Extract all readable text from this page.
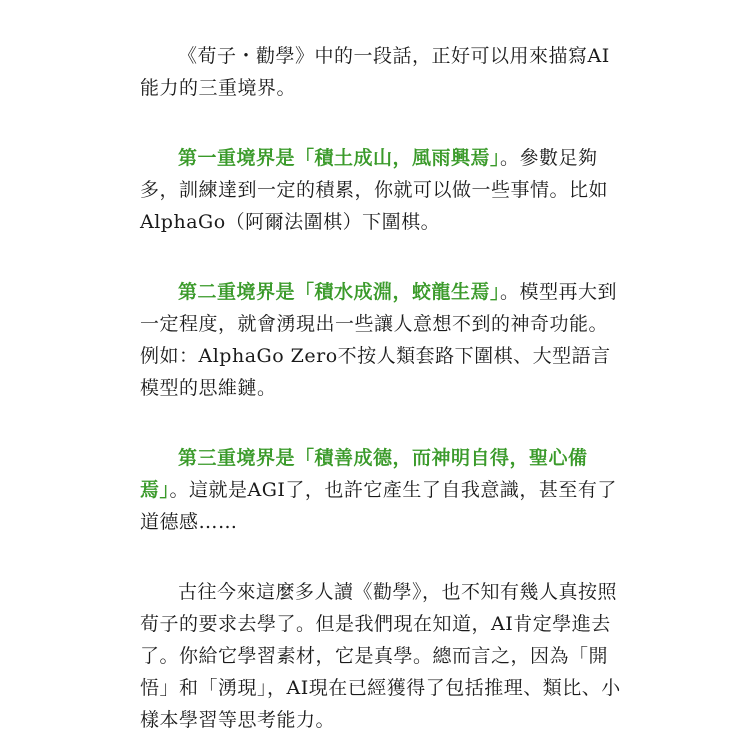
《荀子・勸學》中的一段話，正好可以用來描寫AI能力的三重境界。

第一重境界是「積土成山，風雨興焉」。參數足夠多，訓練達到一定的積累，你就可以做一些事情。比如AlphaGo（阿爾法圍棋）下圍棋。

第二重境界是「積水成淵，蛟龍生焉」。模型再大到一定程度，就會湧現出一些讓人意想不到的神奇功能。例如：AlphaGo Zero不按人類套路下圍棋、大型語言模型的思維鏈。

第三重境界是「積善成德，而神明自得，聖心備焉」。這就是AGI了，也許它產生了自我意識，甚至有了道德感……

古往今來這麼多人讀《勸學》，也不知有幾人真按照荀子的要求去學了。但是我們現在知道，AI肯定學進去了。你給它學習素材，它是真學。總而言之，因為「開悟」和「湧現」，AI現在已經獲得了包括推理、類比、小樣本學習等思考能力。
